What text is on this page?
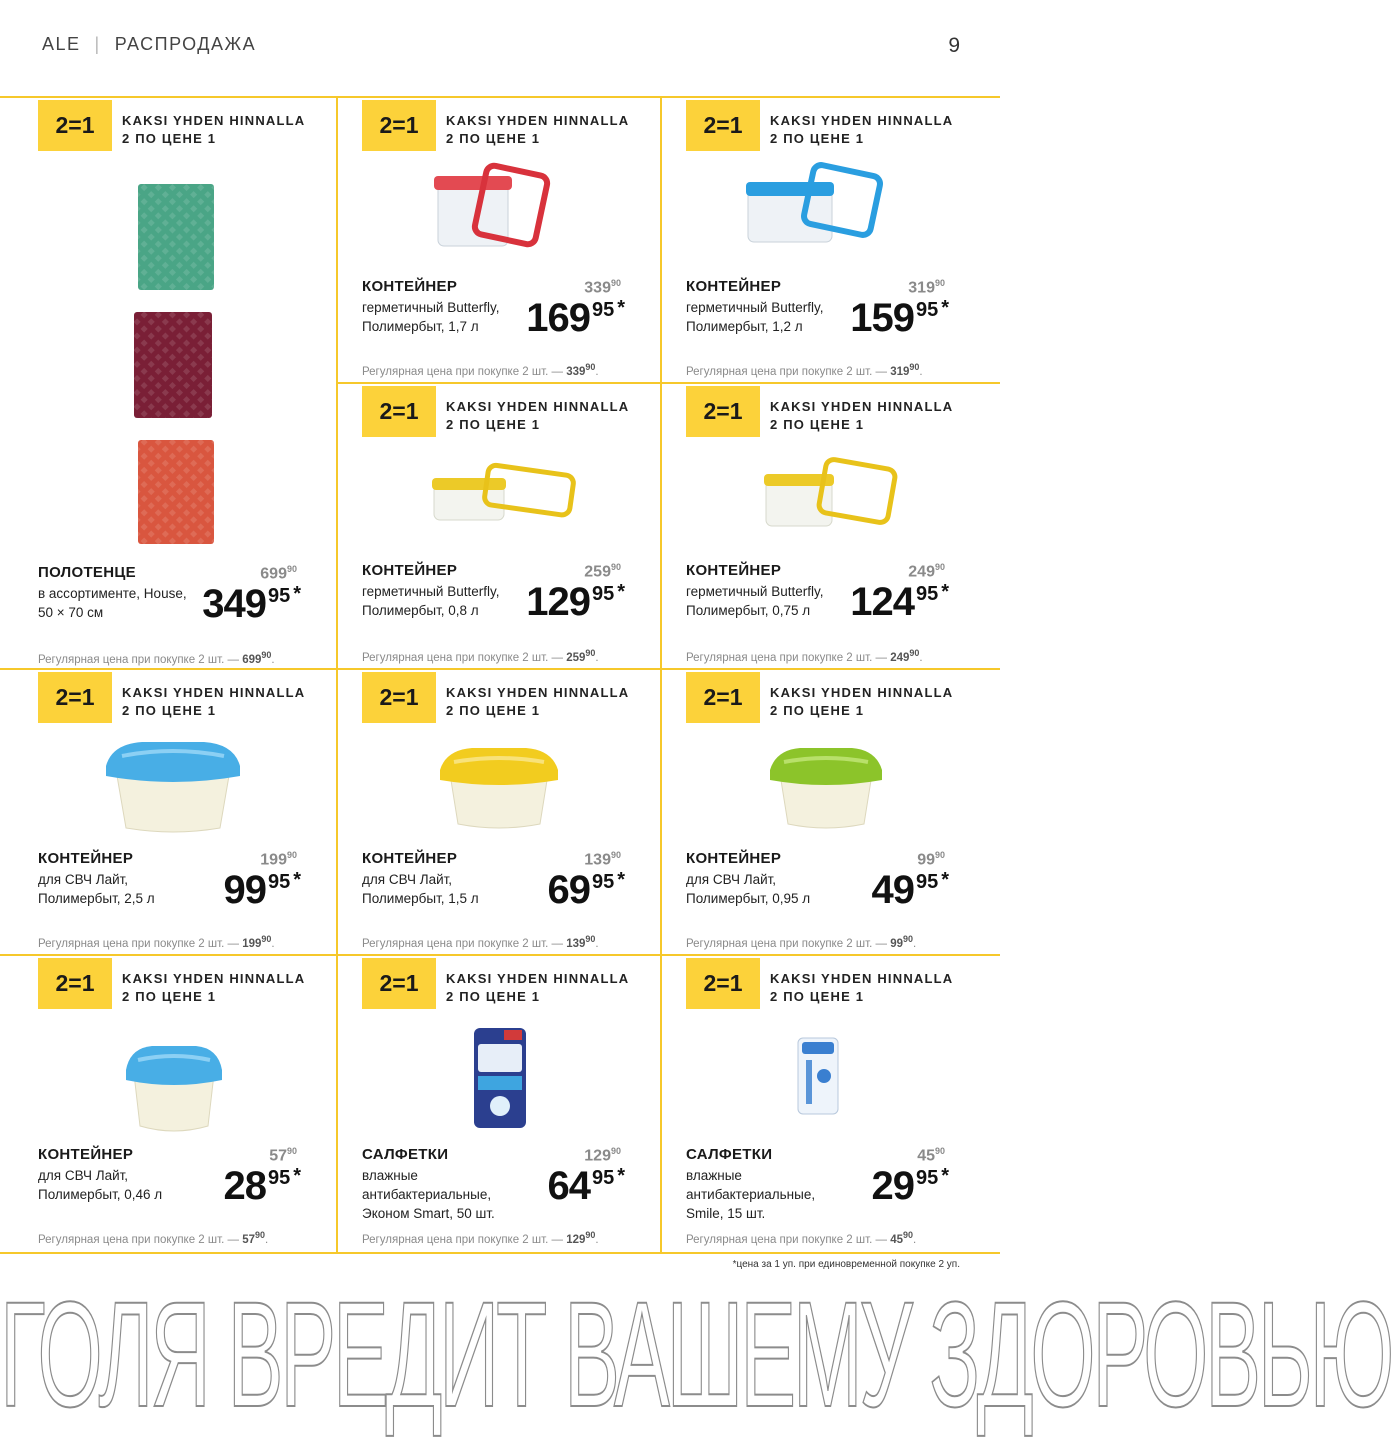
ALE | РАСПРОДАЖА	9
2=1	KAKSI YHDEN HINNALLA
2 ПО ЦЕНЕ 1
ПОЛОТЕНЦЕ
в ассортименте, House,
50 × 70 см
$699^{90}$
349 95 *
Регулярная цена при покупке 2 шт. — $699^{90}$.
2=1	KAKSI YHDEN HINNALLA
2 ПО ЦЕНЕ 1
КОНТЕЙНЕР
герметичный Butterfly,
Полимербыт, 1,7 л
$339^{90}$
169 95 *
Регулярная цена при покупке 2 шт. — $339^{90}$.
2=1	KAKSI YHDEN HINNALLA
2 ПО ЦЕНЕ 1
КОНТЕЙНЕР
герметичный Butterfly,
Полимербыт, 1,2 л
$319^{90}$
159 95 *
Регулярная цена при покупке 2 шт. — $319^{90}$.
2=1	KAKSI YHDEN HINNALLA
2 ПО ЦЕНЕ 1
КОНТЕЙНЕР
герметичный Butterfly,
Полимербыт, 0,8 л
$259^{90}$
129 95 *
Регулярная цена при покупке 2 шт. — $259^{90}$.
2=1	KAKSI YHDEN HINNALLA
2 ПО ЦЕНЕ 1
КОНТЕЙНЕР
герметичный Butterfly,
Полимербыт, 0,75 л
$249^{90}$
124 95 *
Регулярная цена при покупке 2 шт. — $249^{90}$.
2=1	KAKSI YHDEN HINNALLA
2 ПО ЦЕНЕ 1
КОНТЕЙНЕР
для СВЧ Лайт,
Полимербыт, 2,5 л
$199^{90}$
99 95 *
Регулярная цена при покупке 2 шт. — $199^{90}$.
2=1	KAKSI YHDEN HINNALLA
2 ПО ЦЕНЕ 1
КОНТЕЙНЕР
для СВЧ Лайт,
Полимербыт, 1,5 л
$139^{90}$
69 95 *
Регулярная цена при покупке 2 шт. — $139^{90}$.
2=1	KAKSI YHDEN HINNALLA
2 ПО ЦЕНЕ 1
КОНТЕЙНЕР
для СВЧ Лайт,
Полимербыт, 0,95 л
$99^{90}$
49 95 *
Регулярная цена при покупке 2 шт. — $99^{90}$.
2=1	KAKSI YHDEN HINNALLA
2 ПО ЦЕНЕ 1
КОНТЕЙНЕР
для СВЧ Лайт,
Полимербыт, 0,46 л
$57^{90}$
28 95 *
Регулярная цена при покупке 2 шт. — $57^{90}$.
2=1	KAKSI YHDEN HINNALLA
2 ПО ЦЕНЕ 1
САЛФЕТКИ
влажные
антибактериальные,
Эконом Smart, 50 шт.
$129^{90}$
64 95 *
Регулярная цена при покупке 2 шт. — $129^{90}$.
2=1	KAKSI YHDEN HINNALLA
2 ПО ЦЕНЕ 1
САЛФЕТКИ
влажные
антибактериальные,
Smile, 15 шт.
$45^{90}$
29 95 *
Регулярная цена при покупке 2 шт. — $45^{90}$.
*цена за 1 уп. при единовременной покупке 2 уп.
ГОЛЯ ВРЕДИТ ВАШЕМУ ЗДОРОВЬЮ
